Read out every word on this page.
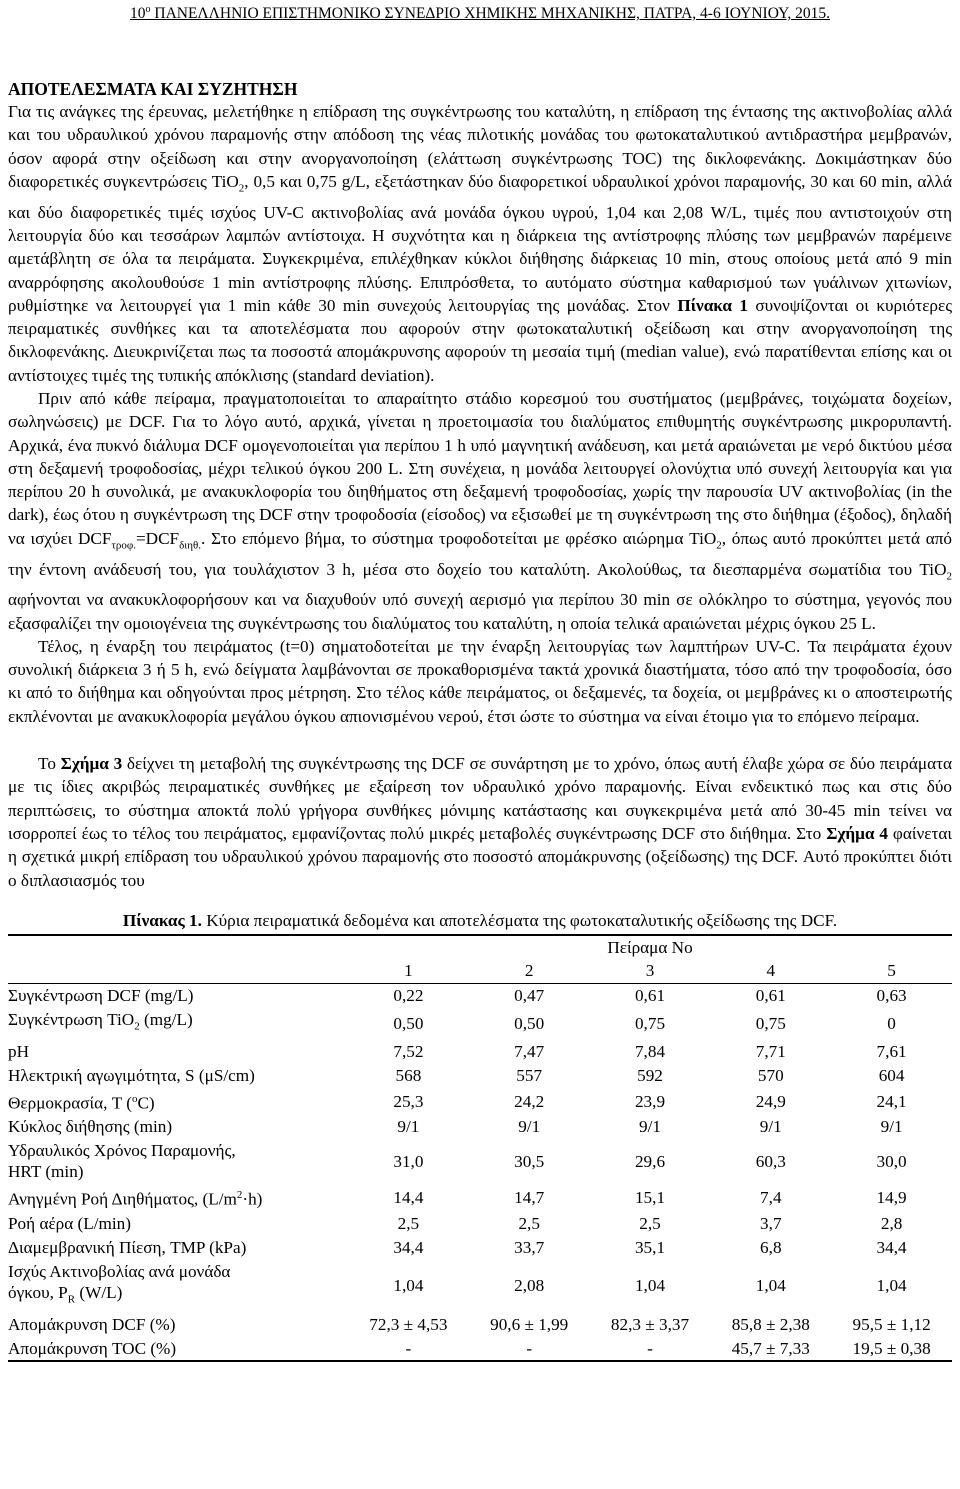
$10^o$ ΠΑΝΕΛΛΗΝΙΟ ΕΠΙΣΤΗΜΟΝΙΚΟ ΣΥΝΕΔΡΙΟ ΧΗΜΙΚΗΣ ΜΗΧΑΝΙΚΗΣ, ΠΑΤΡΑ, 4-6 ΙΟΥΝΙΟΥ, 2015.
ΑΠΟΤΕΛΕΣΜΑΤΑ ΚΑΙ ΣΥΖΗΤΗΣΗ

Για τις ανάγκες της έρευνας, μελετήθηκε η επίδραση της συγκέντρωσης του καταλύτη, η επίδραση της έντασης της ακτινοβολίας αλλά και του υδραυλικού χρόνου παραμονής στην απόδοση της νέας πιλοτικής μονάδας του φωτοκαταλυτικού αντιδραστήρα μεμβρανών, όσον αφορά στην οξείδωση και στην ανοργανοποίηση (ελάττωση συγκέντρωσης TOC) της δικλοφενάκης. Δοκιμάστηκαν δύο διαφορετικές συγκεντρώσεις TiO$_2$, 0,5 και 0,75 g/L, εξετάστηκαν δύο διαφορετικοί υδραυλικοί χρόνοι παραμονής, 30 και 60 min, αλλά και δύο διαφορετικές τιμές ισχύος UV-C ακτινοβολίας ανά μονάδα όγκου υγρού, 1,04 και 2,08 W/L, τιμές που αντιστοιχούν στη λειτουργία δύο και τεσσάρων λαμπών αντίστοιχα. Η συχνότητα και η διάρκεια της αντίστροφης πλύσης των μεμβρανών παρέμεινε αμετάβλητη σε όλα τα πειράματα. Συγκεκριμένα, επιλέχθηκαν κύκλοι διήθησης διάρκειας 10 min, στους οποίους μετά από 9 min αναρρόφησης ακολουθούσε 1 min αντίστροφης πλύσης. Επιπρόσθετα, το αυτόματο σύστημα καθαρισμού των γυάλινων χιτωνίων, ρυθμίστηκε να λειτουργεί για 1 min κάθε 30 min συνεχούς λειτουργίας της μονάδας. Στον Πίνακα 1 συνοψίζονται οι κυριότερες πειραματικές συνθήκες και τα αποτελέσματα που αφορούν στην φωτοκαταλυτική οξείδωση και στην ανοργανοποίηση της δικλοφενάκης. Διευκρινίζεται πως τα ποσοστά απομάκρυνσης αφορούν τη μεσαία τιμή (median value), ενώ παρατίθενται επίσης και οι αντίστοιχες τιμές της τυπικής απόκλισης (standard deviation).

Πριν από κάθε πείραμα, πραγματοποιείται το απαραίτητο στάδιο κορεσμού του συστήματος (μεμβράνες, τοιχώματα δοχείων, σωληνώσεις) με DCF. Για το λόγο αυτό, αρχικά, γίνεται η προετοιμασία του διαλύματος επιθυμητής συγκέντρωσης μικρορυπαντή. Αρχικά, ένα πυκνό διάλυμα DCF ομογενοποιείται για περίπου 1 h υπό μαγνητική ανάδευση, και μετά αραιώνεται με νερό δικτύου μέσα στη δεξαμενή τροφοδοσίας, μέχρι τελικού όγκου 200 L. Στη συνέχεια, η μονάδα λειτουργεί ολονύχτια υπό συνεχή λειτουργία και για περίπου 20 h συνολικά, με ανακυκλοφορία του διηθήματος στη δεξαμενή τροφοδοσίας, χωρίς την παρουσία UV ακτινοβολίας (in the dark), έως ότου η συγκέντρωση της DCF στην τροφοδοσία (είσοδος) να εξισωθεί με τη συγκέντρωση της στο διήθημα (έξοδος), δηλαδή να ισχύει $DCF_{\tau\rho o\varphi.}=DCF_{\delta\iota\eta\theta.}$. Στο επόμενο βήμα, το σύστημα τροφοδοτείται με φρέσκο αιώρημα TiO$_2$, όπως αυτό προκύπτει μετά από την έντονη ανάδευσή του, για τουλάχιστον 3 h, μέσα στο δοχείο του καταλύτη. Ακολούθως, τα διεσπαρμένα σωματίδια του TiO$_2$ αφήνονται να ανακυκλοφορήσουν και να διαχυθούν υπό συνεχή αερισμό για περίπου 30 min σε ολόκληρο το σύστημα, γεγονός που εξασφαλίζει την ομοιογένεια της συγκέντρωσης του διαλύματος του καταλύτη, η οποία τελικά αραιώνεται μέχρις όγκου 25 L.

Τέλος, η έναρξη του πειράματος (t=0) σηματοδοτείται με την έναρξη λειτουργίας των λαμπτήρων UV-C. Τα πειράματα έχουν συνολική διάρκεια 3 ή 5 h, ενώ δείγματα λαμβάνονται σε προκαθορισμένα τακτά χρονικά διαστήματα, τόσο από την τροφοδοσία, όσο κι από το διήθημα και οδηγούνται προς μέτρηση. Στο τέλος κάθε πειράματος, οι δεξαμενές, τα δοχεία, οι μεμβράνες κι ο αποστειρωτής εκπλένονται με ανακυκλοφορία μεγάλου όγκου απιονισμένου νερού, έτσι ώστε το σύστημα να είναι έτοιμο για το επόμενο πείραμα.

Το Σχήμα 3 δείχνει τη μεταβολή της συγκέντρωσης της DCF σε συνάρτηση με το χρόνο, όπως αυτή έλαβε χώρα σε δύο πειράματα με τις ίδιες ακριβώς πειραματικές συνθήκες με εξαίρεση τον υδραυλικό χρόνο παραμονής. Είναι ενδεικτικό πως και στις δύο περιπτώσεις, το σύστημα αποκτά πολύ γρήγορα συνθήκες μόνιμης κατάστασης και συγκεκριμένα μετά από 30-45 min τείνει να ισορροπεί έως το τέλος του πειράματος, εμφανίζοντας πολύ μικρές μεταβολές συγκέντρωσης DCF στο διήθημα. Στο Σχήμα 4 φαίνεται η σχετικά μικρή επίδραση του υδραυλικού χρόνου παραμονής στο ποσοστό απομάκρυνσης (οξείδωσης) της DCF. Αυτό προκύπτει διότι ο διπλασιασμός του

Πίνακας 1. Κύρια πειραματικά δεδομένα και αποτελέσματα της φωτοκαταλυτικής οξείδωσης της DCF.
	Πείραμα No				
	1	2	3	4	5
Συγκέντρωση DCF (mg/L)	0,22	0,47	0,61	0,61	0,63
Συγκέντρωση TiO$_2$ (mg/L)	0,50	0,50	0,75	0,75	0
pH	7,52	7,47	7,84	7,71	7,61
Ηλεκτρική αγωγιμότητα, S (μS/cm)	568	557	592	570	604
Θερμοκρασία, T ($^o$C)	25,3	24,2	23,9	24,9	24,1
Κύκλος διήθησης (min)	9/1	9/1	9/1	9/1	9/1
Υδραυλικός Χρόνος Παραμονής,
HRT (min)	31,0	30,5	29,6	60,3	30,0
Ανηγμένη Ροή Διηθήματος, $(L/m^2\cdot h)$	14,4	14,7	15,1	7,4	14,9
Ροή αέρα (L/min)	2,5	2,5	2,5	3,7	2,8
Διαμεμβρανική Πίεση, TMP (kPa)	34,4	33,7	35,1	6,8	34,4
Ισχύς Ακτινοβολίας ανά μονάδα
όγκου, $P_R$ (W/L)	1,04	2,08	1,04	1,04	1,04
Απομάκρυνση DCF (%)	72,3 ± 4,53	90,6 ± 1,99	82,3 ± 3,37	85,8 ± 2,38	95,5 ± 1,12
Απομάκρυνση TOC (%)	-	-	-	45,7 ± 7,33	19,5 ± 0,38
